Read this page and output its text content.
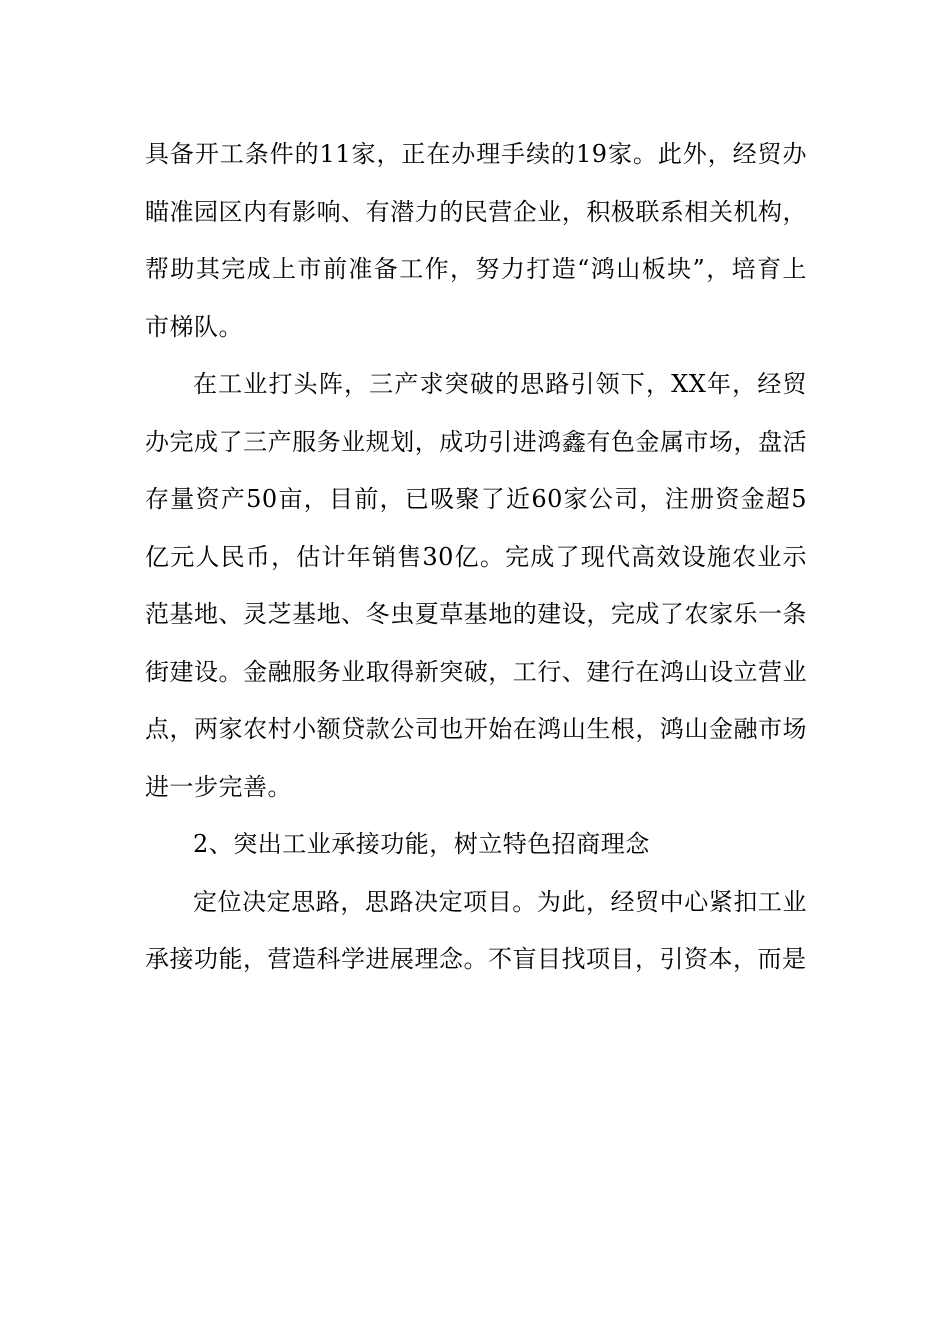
具备开工条件的11家，正在办理手续的19家。此外，经贸办瞄准园区内有影响、有潜力的民营企业，积极联系相关机构，帮助其完成上市前准备工作，努力打造“鸿山板块”，培育上市梯队。

在工业打头阵，三产求突破的思路引领下，XX年，经贸办完成了三产服务业规划，成功引进鸿鑫有色金属市场，盘活存量资产50亩，目前，已吸聚了近60家公司，注册资金超5亿元人民币，估计年销售30亿。完成了现代高效设施农业示范基地、灵芝基地、冬虫夏草基地的建设，完成了农家乐一条街建设。金融服务业取得新突破，工行、建行在鸿山设立营业点，两家农村小额贷款公司也开始在鸿山生根，鸿山金融市场进一步完善。

2、突出工业承接功能，树立特色招商理念

定位决定思路，思路决定项目。为此，经贸中心紧扣工业承接功能，营造科学进展理念。不盲目找项目，引资本，而是
